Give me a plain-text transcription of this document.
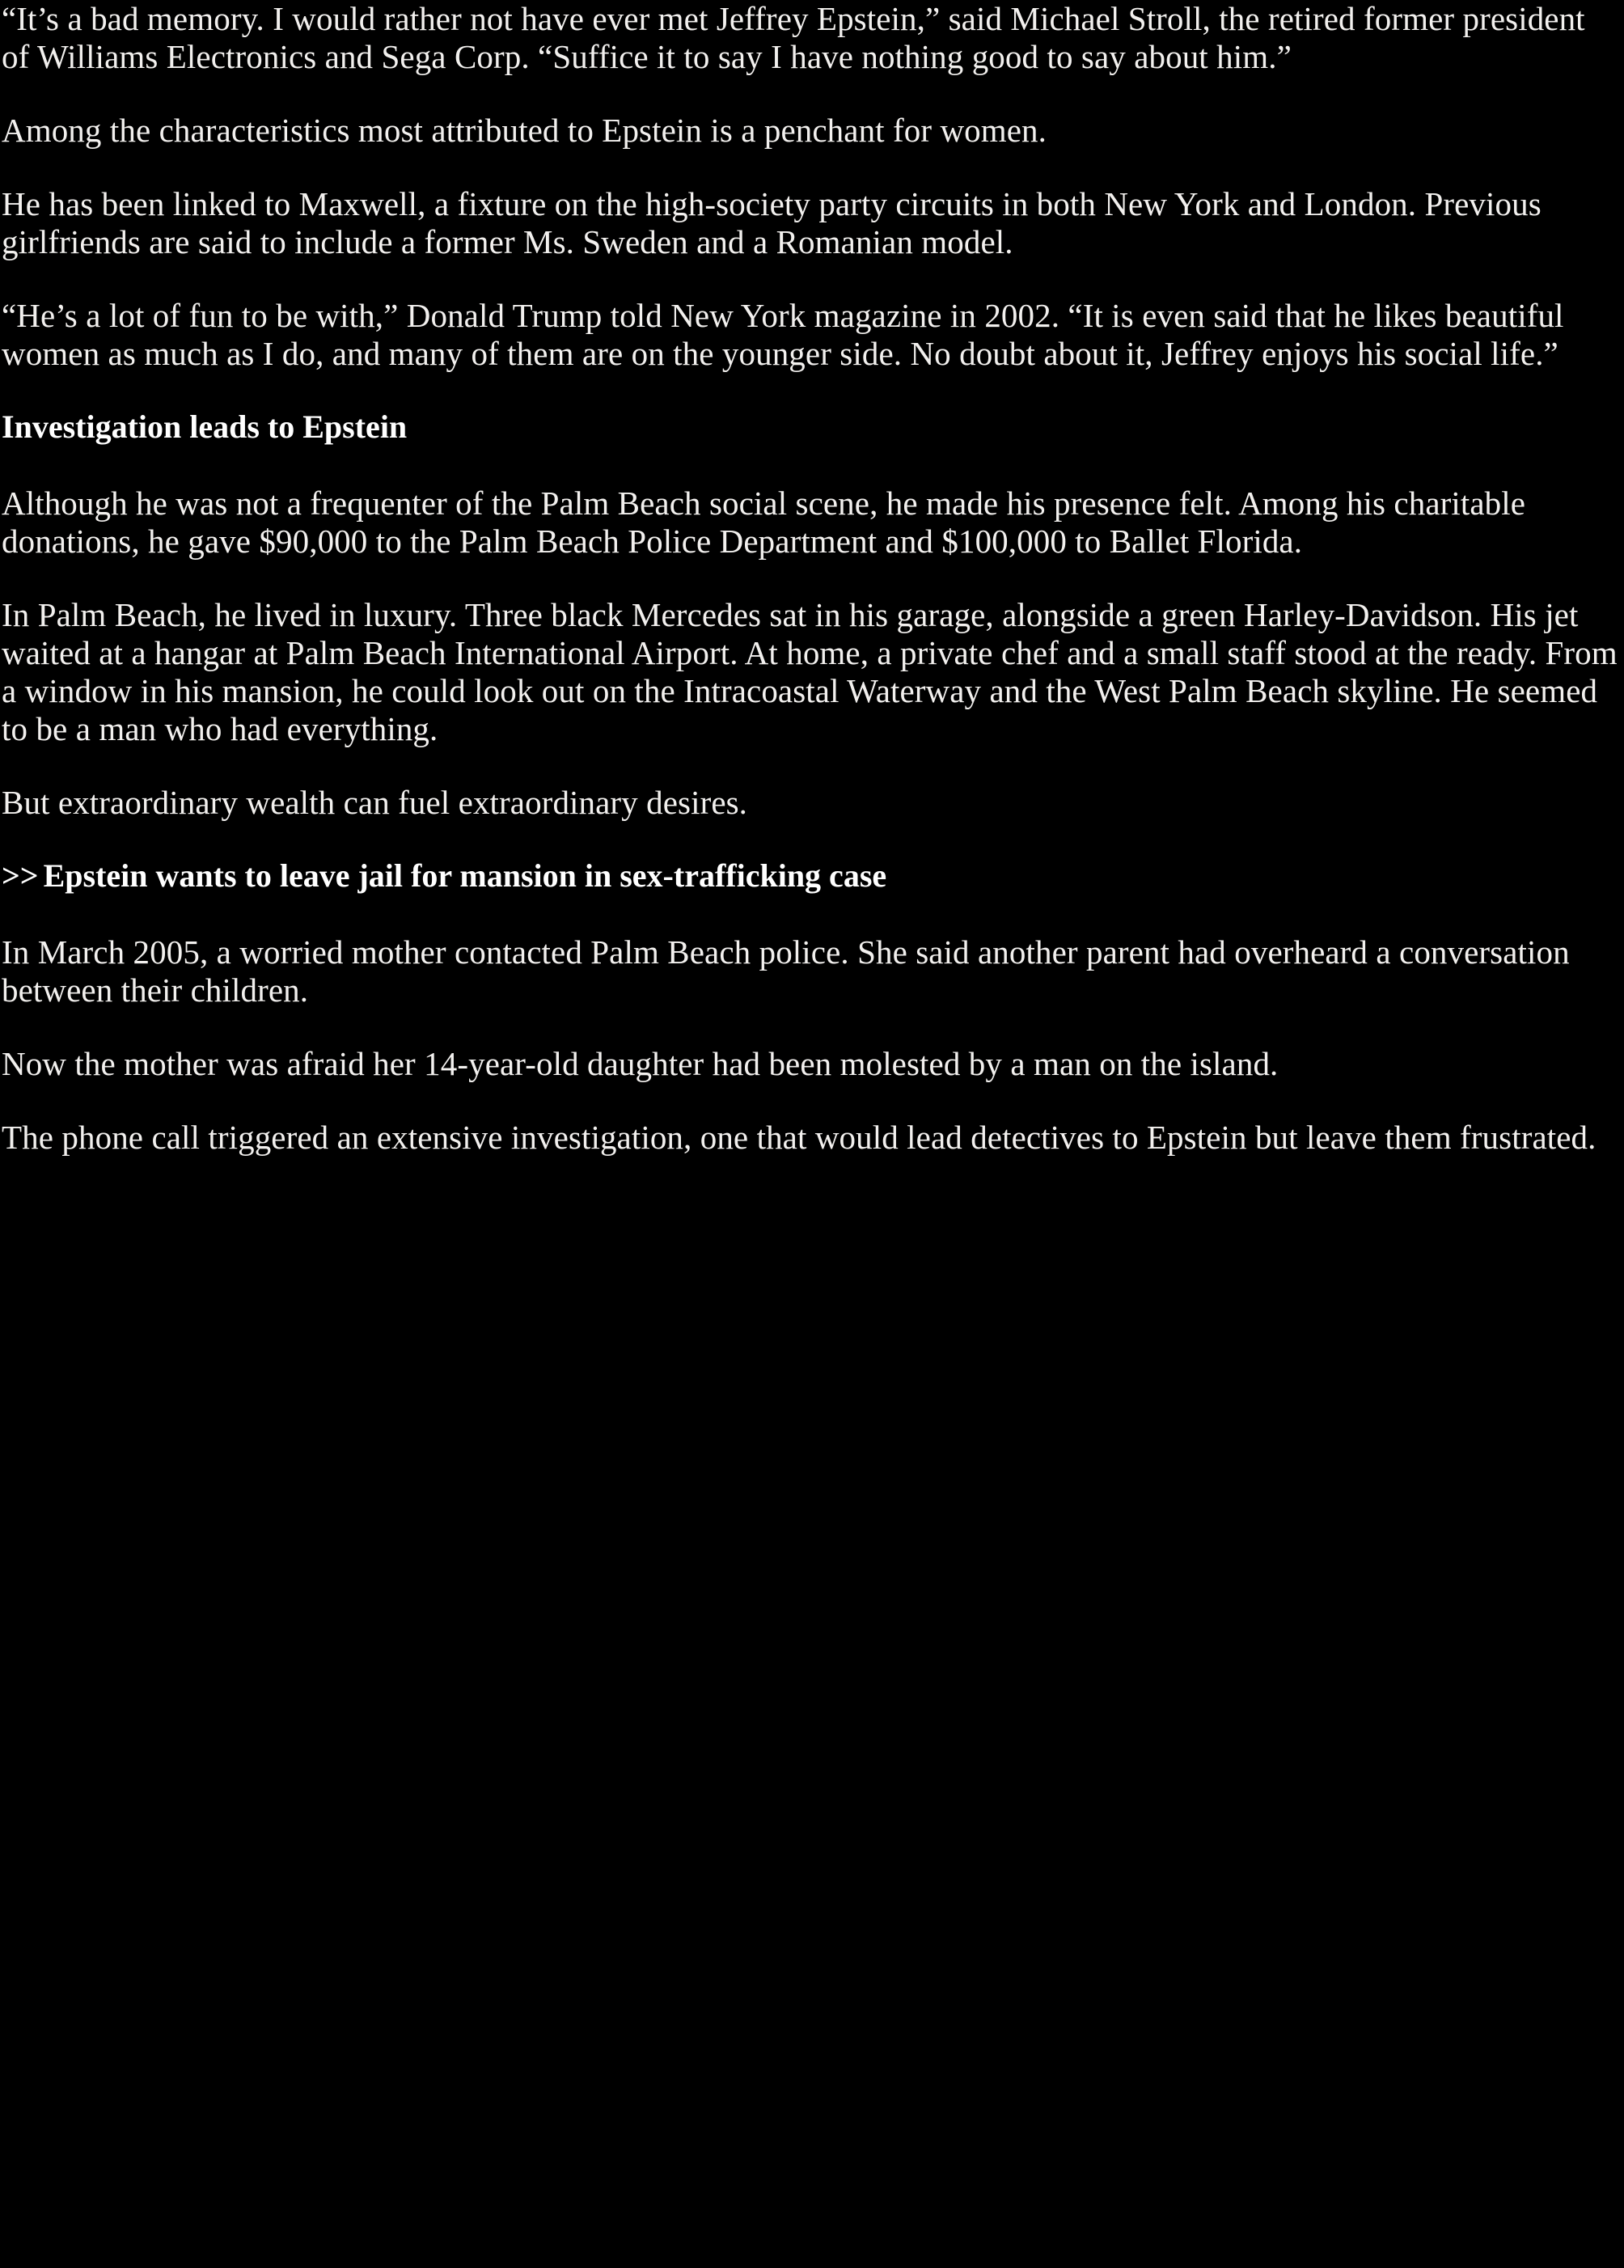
“It’s a bad memory. I would rather not have ever met Jeffrey Epstein,” said Michael Stroll, the retired former president of Williams Electronics and Sega Corp. “Suffice it to say I have nothing good to say about him.”

Among the characteristics most attributed to Epstein is a penchant for women.

He has been linked to Maxwell, a fixture on the high-society party circuits in both New York and London. Previous girlfriends are said to include a former Ms. Sweden and a Romanian model.

“He’s a lot of fun to be with,” Donald Trump told New York magazine in 2002. “It is even said that he likes beautiful women as much as I do, and many of them are on the younger side. No doubt about it, Jeffrey enjoys his social life.”

Investigation leads to Epstein

Although he was not a frequenter of the Palm Beach social scene, he made his presence felt. Among his charitable donations, he gave $90,000 to the Palm Beach Police Department and $100,000 to Ballet Florida.

In Palm Beach, he lived in luxury. Three black Mercedes sat in his garage, alongside a green Harley-Davidson. His jet waited at a hangar at Palm Beach International Airport. At home, a private chef and a small staff stood at the ready. From a window in his mansion, he could look out on the Intracoastal Waterway and the West Palm Beach skyline. He seemed to be a man who had everything.

But extraordinary wealth can fuel extraordinary desires.

>> Epstein wants to leave jail for mansion in sex-trafficking case

In March 2005, a worried mother contacted Palm Beach police. She said another parent had overheard a conversation between their children.

Now the mother was afraid her 14-year-old daughter had been molested by a man on the island.

The phone call triggered an extensive investigation, one that would lead detectives to Epstein but leave them frustrated.
